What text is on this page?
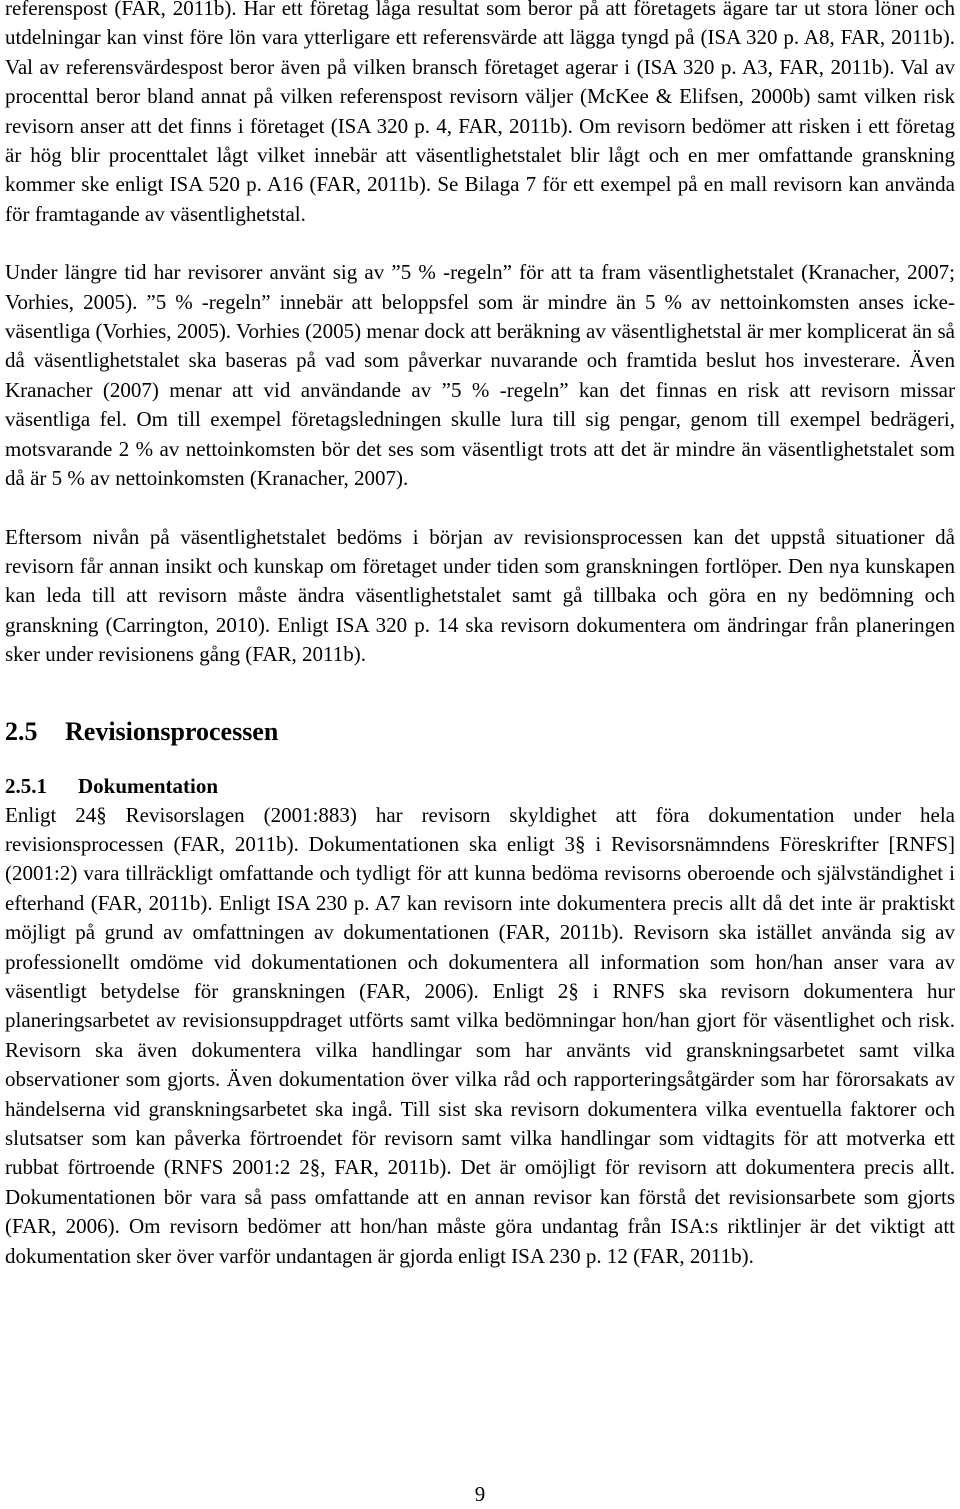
referenspost (FAR, 2011b). Har ett företag låga resultat som beror på att företagets ägare tar ut stora löner och utdelningar kan vinst före lön vara ytterligare ett referensvärde att lägga tyngd på (ISA 320 p. A8, FAR, 2011b). Val av referensvärdespost beror även på vilken bransch företaget agerar i (ISA 320 p. A3, FAR, 2011b). Val av procenttal beror bland annat på vilken referenspost revisorn väljer (McKee & Elifsen, 2000b) samt vilken risk revisorn anser att det finns i företaget (ISA 320 p. 4, FAR, 2011b). Om revisorn bedömer att risken i ett företag är hög blir procenttalet lågt vilket innebär att väsentlighetstalet blir lågt och en mer omfattande granskning kommer ske enligt ISA 520 p. A16 (FAR, 2011b). Se Bilaga 7 för ett exempel på en mall revisorn kan använda för framtagande av väsentlighetstal.

Under längre tid har revisorer använt sig av ”5 % -regeln” för att ta fram väsentlighetstalet (Kranacher, 2007; Vorhies, 2005). ”5 % -regeln” innebär att beloppsfel som är mindre än 5 % av nettoinkomsten anses icke-väsentliga (Vorhies, 2005). Vorhies (2005) menar dock att beräkning av väsentlighetstal är mer komplicerat än så då väsentlighetstalet ska baseras på vad som påverkar nuvarande och framtida beslut hos investerare. Även Kranacher (2007) menar att vid användande av ”5 % -regeln” kan det finnas en risk att revisorn missar väsentliga fel. Om till exempel företagsledningen skulle lura till sig pengar, genom till exempel bedrägeri, motsvarande 2 % av nettoinkomsten bör det ses som väsentligt trots att det är mindre än väsentlighetstalet som då är 5 % av nettoinkomsten (Kranacher, 2007).

Eftersom nivån på väsentlighetstalet bedöms i början av revisionsprocessen kan det uppstå situationer då revisorn får annan insikt och kunskap om företaget under tiden som granskningen fortlöper. Den nya kunskapen kan leda till att revisorn måste ändra väsentlighetstalet samt gå tillbaka och göra en ny bedömning och granskning (Carrington, 2010). Enligt ISA 320 p. 14 ska revisorn dokumentera om ändringar från planeringen sker under revisionens gång (FAR, 2011b).

2.5 Revisionsprocessen
2.5.1 Dokumentation

Enligt 24§ Revisorslagen (2001:883) har revisorn skyldighet att föra dokumentation under hela revisionsprocessen (FAR, 2011b). Dokumentationen ska enligt 3§ i Revisorsnämndens Föreskrifter [RNFS] (2001:2) vara tillräckligt omfattande och tydligt för att kunna bedöma revisorns oberoende och självständighet i efterhand (FAR, 2011b). Enligt ISA 230 p. A7 kan revisorn inte dokumentera precis allt då det inte är praktiskt möjligt på grund av omfattningen av dokumentationen (FAR, 2011b). Revisorn ska istället använda sig av professionellt omdöme vid dokumentationen och dokumentera all information som hon/han anser vara av väsentligt betydelse för granskningen (FAR, 2006). Enligt 2§ i RNFS ska revisorn dokumentera hur planeringsarbetet av revisionsuppdraget utförts samt vilka bedömningar hon/han gjort för väsentlighet och risk. Revisorn ska även dokumentera vilka handlingar som har använts vid granskningsarbetet samt vilka observationer som gjorts. Även dokumentation över vilka råd och rapporteringsåtgärder som har förorsakats av händelserna vid granskningsarbetet ska ingå. Till sist ska revisorn dokumentera vilka eventuella faktorer och slutsatser som kan påverka förtroendet för revisorn samt vilka handlingar som vidtagits för att motverka ett rubbat förtroende (RNFS 2001:2 2§, FAR, 2011b). Det är omöjligt för revisorn att dokumentera precis allt. Dokumentationen bör vara så pass omfattande att en annan revisor kan förstå det revisionsarbete som gjorts (FAR, 2006). Om revisorn bedömer att hon/han måste göra undantag från ISA:s riktlinjer är det viktigt att dokumentation sker över varför undantagen är gjorda enligt ISA 230 p. 12 (FAR, 2011b).

9
